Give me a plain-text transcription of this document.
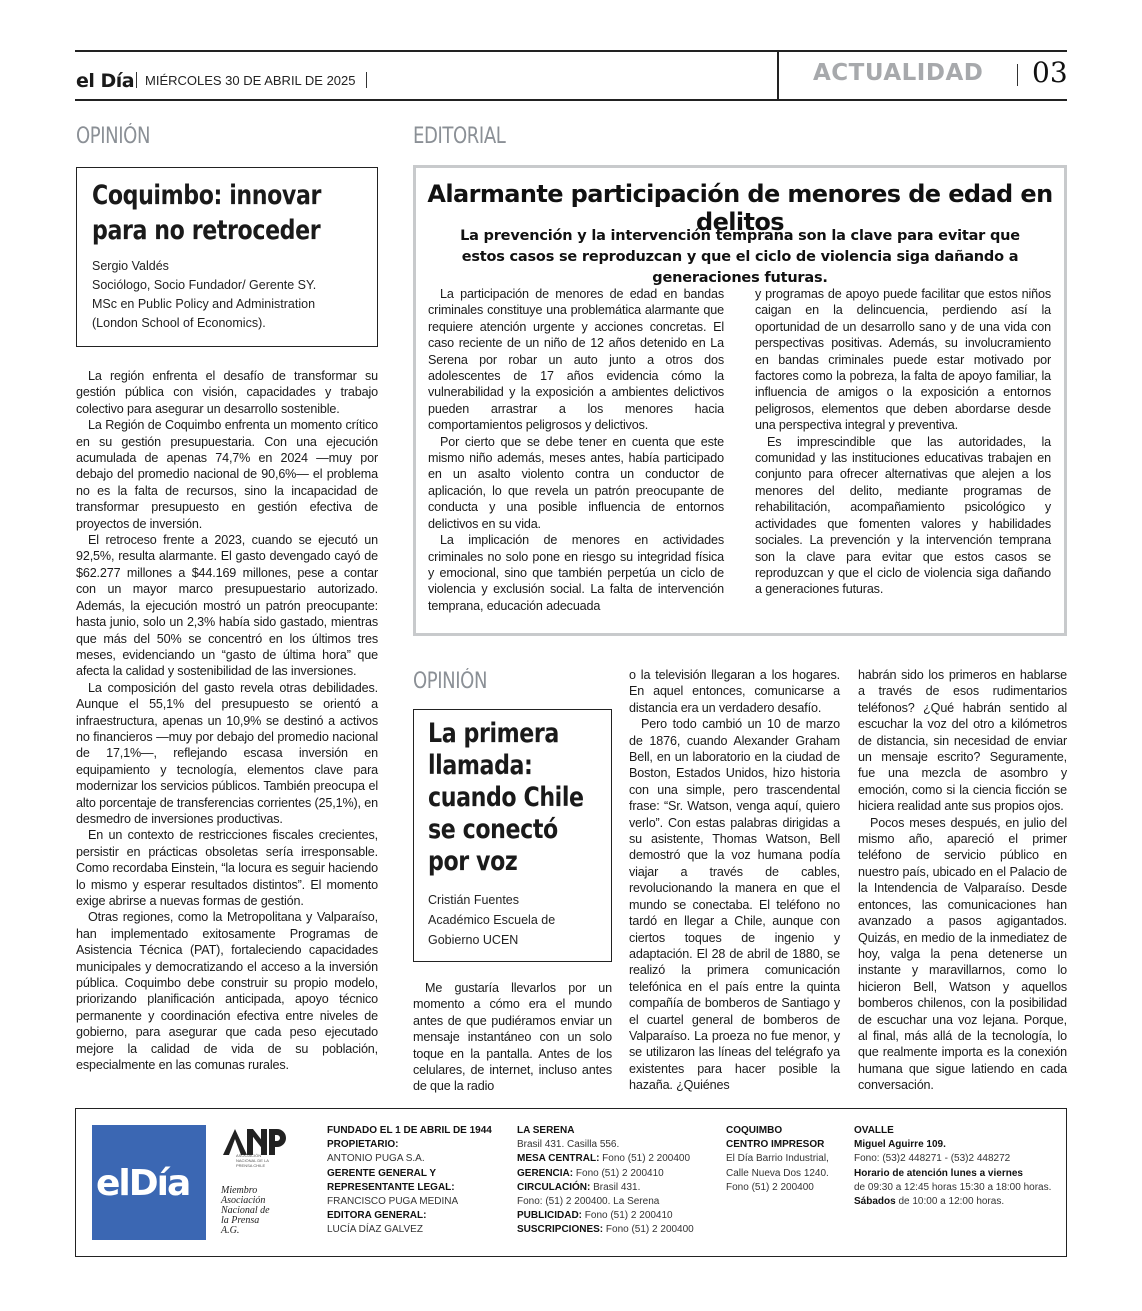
el Día MIÉRCOLES 30 DE ABRIL DE 2025	ACTUALIDAD 03
OPINIÓN
Coquimbo: innovar para no retroceder
Sergio Valdés
Sociólogo, Socio Fundador/ Gerente SY.
MSc en Public Policy and Administration
(London School of Economics).

La región enfrenta el desafío de transformar su gestión pública con visión, capacidades y trabajo colectivo para asegurar un desarrollo sostenible.

La Región de Coquimbo enfrenta un momento crítico en su gestión presupuestaria. Con una ejecución acumulada de apenas 74,7% en 2024 —muy por debajo del promedio nacional de 90,6%— el problema no es la falta de recursos, sino la incapacidad de transformar presupuesto en gestión efectiva de proyectos de inversión.

El retroceso frente a 2023, cuando se ejecutó un 92,5%, resulta alarmante. El gasto devengado cayó de $62.277 millones a $44.169 millones, pese a contar con un mayor marco presupuestario autorizado. Además, la ejecución mostró un patrón preocupante: hasta junio, solo un 2,3% había sido gastado, mientras que más del 50% se concentró en los últimos tres meses, evidenciando un “gasto de última hora” que afecta la calidad y sostenibilidad de las inversiones.

La composición del gasto revela otras debilidades. Aunque el 55,1% del presupuesto se orientó a infraestructura, apenas un 10,9% se destinó a activos no financieros —muy por debajo del promedio nacional de 17,1%—, reflejando escasa inversión en equipamiento y tecnología, elementos clave para modernizar los servicios públicos. También preocupa el alto porcentaje de transferencias corrientes (25,1%), en desmedro de inversiones productivas.

En un contexto de restricciones fiscales crecientes, persistir en prácticas obsoletas sería irresponsable. Como recordaba Einstein, “la locura es seguir haciendo lo mismo y esperar resultados distintos”. El momento exige abrirse a nuevas formas de gestión.

Otras regiones, como la Metropolitana y Valparaíso, han implementado exitosamente Programas de Asistencia Técnica (PAT), fortaleciendo capacidades municipales y democratizando el acceso a la inversión pública. Coquimbo debe construir su propio modelo, priorizando planificación anticipada, apoyo técnico permanente y coordinación efectiva entre niveles de gobierno, para asegurar que cada peso ejecutado mejore la calidad de vida de su población, especialmente en las comunas rurales.

EDITORIAL
Alarmante participación de menores de edad en delitos
La prevención y la intervención temprana son la clave para evitar que estos casos se reproduzcan y que el ciclo de violencia siga dañando a generaciones futuras.

La participación de menores de edad en bandas criminales constituye una problemática alarmante que requiere atención urgente y acciones concretas. El caso reciente de un niño de 12 años detenido en La Serena por robar un auto junto a otros dos adolescentes de 17 años evidencia cómo la vulnerabilidad y la exposición a ambientes delictivos pueden arrastrar a los menores hacia comportamientos peligrosos y delictivos.

Por cierto que se debe tener en cuenta que este mismo niño además, meses antes, había participado en un asalto violento contra un conductor de aplicación, lo que revela un patrón preocupante de conducta y una posible influencia de entornos delictivos en su vida.

La implicación de menores en actividades criminales no solo pone en riesgo su integridad física y emocional, sino que también perpetúa un ciclo de violencia y exclusión social. La falta de intervención temprana, educación adecuada

y programas de apoyo puede facilitar que estos niños caigan en la delincuencia, perdiendo así la oportunidad de un desarrollo sano y de una vida con perspectivas positivas. Además, su involucramiento en bandas criminales puede estar motivado por factores como la pobreza, la falta de apoyo familiar, la influencia de amigos o la exposición a entornos peligrosos, elementos que deben abordarse desde una perspectiva integral y preventiva.

Es imprescindible que las autoridades, la comunidad y las instituciones educativas trabajen en conjunto para ofrecer alternativas que alejen a los menores del delito, mediante programas de rehabilitación, acompañamiento psicológico y actividades que fomenten valores y habilidades sociales. La prevención y la intervención temprana son la clave para evitar que estos casos se reproduzcan y que el ciclo de violencia siga dañando a generaciones futuras.

OPINIÓN
La primera llamada: cuando Chile se conectó por voz
Cristián Fuentes
Académico Escuela de
Gobierno UCEN

Me gustaría llevarlos por un momento a cómo era el mundo antes de que pudiéramos enviar un mensaje instantáneo con un solo toque en la pantalla. Antes de los celulares, de internet, incluso antes de que la radio

o la televisión llegaran a los hogares. En aquel entonces, comunicarse a distancia era un verdadero desafío.

Pero todo cambió un 10 de marzo de 1876, cuando Alexander Graham Bell, en un laboratorio en la ciudad de Boston, Estados Unidos, hizo historia con una simple, pero trascendental frase: “Sr. Watson, venga aquí, quiero verlo”. Con estas palabras dirigidas a su asistente, Thomas Watson, Bell demostró que la voz humana podía viajar a través de cables, revolucionando la manera en que el mundo se conectaba. El teléfono no tardó en llegar a Chile, aunque con ciertos toques de ingenio y adaptación. El 28 de abril de 1880, se realizó la primera comunicación telefónica en el país entre la quinta compañía de bomberos de Santiago y el cuartel general de bomberos de Valparaíso. La proeza no fue menor, y se utilizaron las líneas del telégrafo ya existentes para hacer posible la hazaña. ¿Quiénes

habrán sido los primeros en hablarse a través de esos rudimentarios teléfonos? ¿Qué habrán sentido al escuchar la voz del otro a kilómetros de distancia, sin necesidad de enviar un mensaje escrito? Seguramente, fue una mezcla de asombro y emoción, como si la ciencia ficción se hiciera realidad ante sus propios ojos.

Pocos meses después, en julio del mismo año, apareció el primer teléfono de servicio público en nuestro país, ubicado en el Palacio de la Intendencia de Valparaíso. Desde entonces, las comunicaciones han avanzado a pasos agigantados. Quizás, en medio de la inmediatez de hoy, valga la pena detenerse un instante y maravillarnos, como lo hicieron Bell, Watson y aquellos bomberos chilenos, con la posibilidad de escuchar una voz lejana. Porque, al final, más allá de la tecnología, lo que realmente importa es la conexión humana que sigue latiendo en cada conversación.

elDía
ASOCIACIÓN NACIONAL DE LA PRENSA CHILE
Miembro
Asociación
Nacional de
la Prensa
A.G.
FUNDADO EL 1 DE ABRIL DE 1944
PROPIETARIO:
ANTONIO PUGA S.A.
GERENTE GENERAL Y
REPRESENTANTE LEGAL:
FRANCISCO PUGA MEDINA
EDITORA GENERAL:
LUCÍA DÍAZ GALVEZ
LA SERENA
Brasil 431. Casilla 556.
MESA CENTRAL: Fono (51) 2 200400
GERENCIA: Fono (51) 2 200410
CIRCULACIÓN: Brasil 431.
Fono: (51) 2 200400. La Serena
PUBLICIDAD: Fono (51) 2 200410
SUSCRIPCIONES: Fono (51) 2 200400
COQUIMBO
CENTRO IMPRESOR
El Día Barrio Industrial,
Calle Nueva Dos 1240.
Fono (51) 2 200400
OVALLE
Miguel Aguirre 109.
Fono: (53)2 448271 - (53)2 448272
Horario de atención lunes a viernes
de 09:30 a 12:45 horas 15:30 a 18:00 horas.
Sábados de 10:00 a 12:00 horas.
